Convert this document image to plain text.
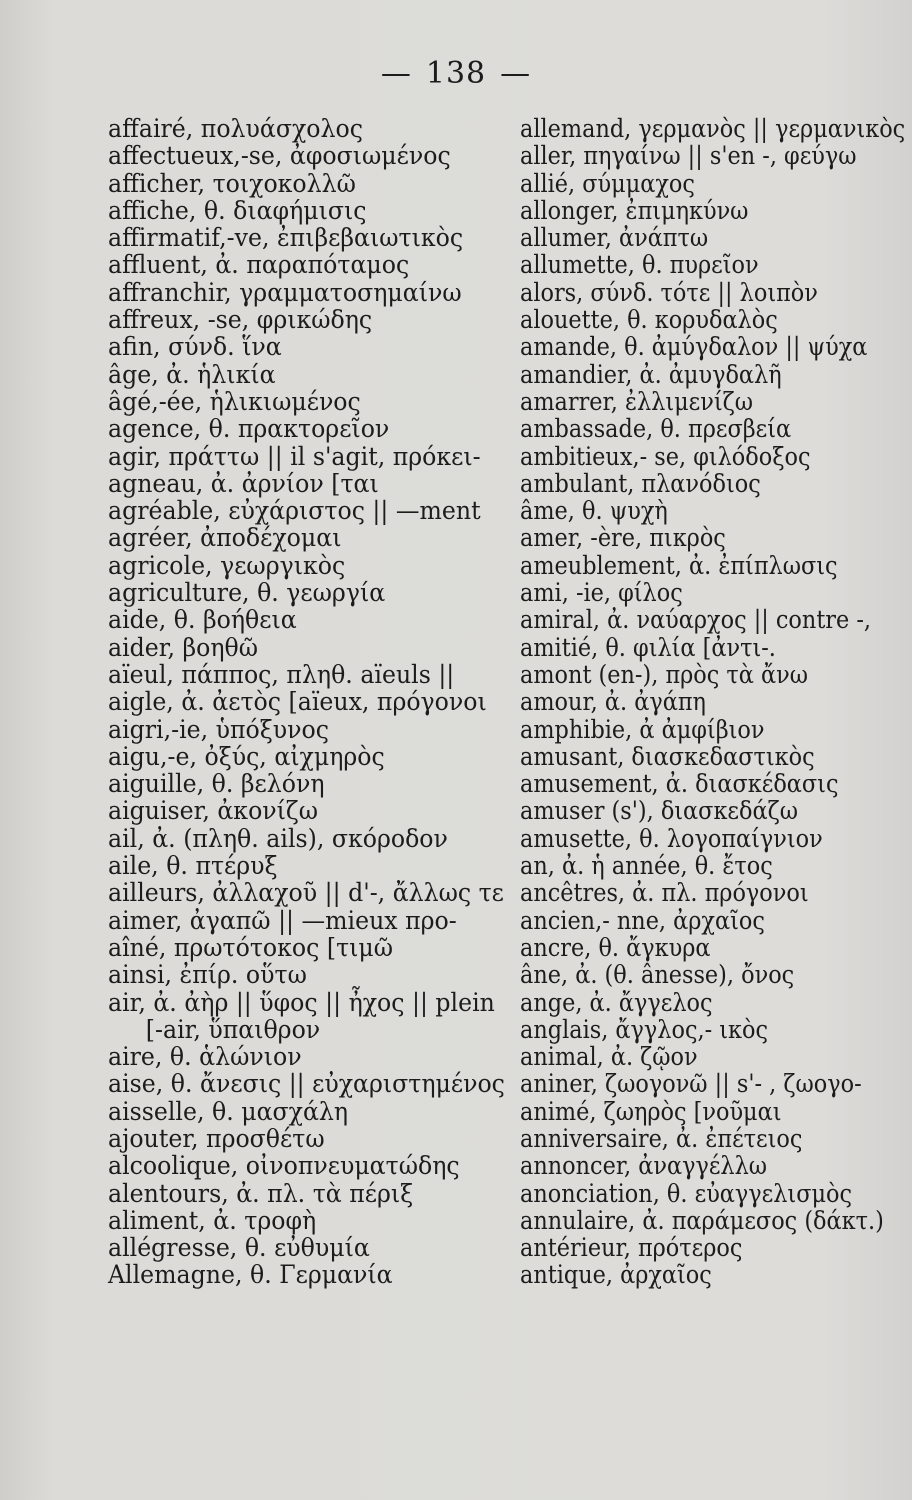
— 138 —
affairé, πολυάσχολος
affectueux,-se, ἀφοσιωμένος
afficher, τοιχοκολλῶ
affiche, θ. διαφήμισις
affirmatif,-ve, ἐπιβεβαιωτικὸς
affluent, ἀ. παραπόταμος
affranchir, γραμματοσημαίνω
affreux, -se, φρικώδης
afin, σύνδ. ἵνα
âge, ἀ. ἡλικία
âgé,-ée, ἡλικιωμένος
agence, θ. πρακτορεῖον
agir, πράττω || il s'agit, πρόκει-
agneau, ἀ. ἀρνίον [ται
agréable, εὐχάριστος || —ment
agréer, ἀποδέχομαι
agricole, γεωργικὸς
agriculture, θ. γεωργία
aide, θ. βοήθεια
aider, βοηθῶ
aïeul, πάππος, πληθ. aïeuls ||
aigle, ἀ. ἀετὸς [aïeux, πρόγονοι
aigri,-ie, ὑπόξυνος
aigu,-e, ὀξύς, αἰχμηρὸς
aiguille, θ. βελόνη
aiguiser, ἀκονίζω
ail, ἀ. (πληθ. ails), σκόροδον
aile, θ. πτέρυξ
ailleurs, ἀλλαχοῦ || d'-, ἄλλως τε
aimer, ἀγαπῶ || —mieux προ-
aîné, πρωτότοκος [τιμῶ
ainsi, ἐπίρ. οὕτω
air, ἀ. ἀὴρ || ὕφος || ἦχος || plein
[-air, ὕπαιθρον
aire, θ. ἁλώνιον
aise, θ. ἄνεσις || εὐχαριστημένος
aisselle, θ. μασχάλη
ajouter, προσθέτω
alcoolique, οἰνοπνευματώδης
alentours, ἀ. πλ. τὰ πέριξ
aliment, ἀ. τροφὴ
allégresse, θ. εὐθυμία
Allemagne, θ. Γερμανία
allemand, γερμανὸς || γερμανικὸς
aller, πηγαίνω || s'en -, φεύγω
allié, σύμμαχος
allonger, ἐπιμηκύνω
allumer, ἀνάπτω
allumette, θ. πυρεῖον
alors, σύνδ. τότε || λοιπὸν
alouette, θ. κορυδαλὸς
amande, θ. ἀμύγδαλον || ψύχα
amandier, ἀ. ἀμυγδαλῆ
amarrer, ἐλλιμενίζω
ambassade, θ. πρεσβεία
ambitieux,- se, φιλόδοξος
ambulant, πλανόδιος
âme, θ. ψυχὴ
amer, -ère, πικρὸς
ameublement, ἀ. ἐπίπλωσις
ami, -ie, φίλος
amiral, ἀ. ναύαρχος || contre -,
amitié, θ. φιλία [ἀντι-.
amont (en-), πρὸς τὰ ἄνω
amour, ἀ. ἀγάπη
amphibie, ἀ ἀμφίβιον
amusant, διασκεδαστικὸς
amusement, ἀ. διασκέδασις
amuser (s'), διασκεδάζω
amusette, θ. λογοπαίγνιον
an, ἀ. ἡ année, θ. ἔτος
ancêtres, ἀ. πλ. πρόγονοι
ancien,- nne, ἀρχαῖος
ancre, θ. ἄγκυρα
âne, ἀ. (θ. ânesse), ὄνος
ange, ἀ. ἄγγελος
anglais, ἄγγλος,- ικὸς
animal, ἀ. ζῷον
aniner, ζωογονῶ || s'- , ζωογο-
animé, ζωηρὸς [νοῦμαι
anniversaire, ἀ. ἐπέτειος
annoncer, ἀναγγέλλω
anonciation, θ. εὐαγγελισμὸς
annulaire, ἀ. παράμεσος (δάκτ.)
antérieur, πρότερος
antique, ἀρχαῖος
